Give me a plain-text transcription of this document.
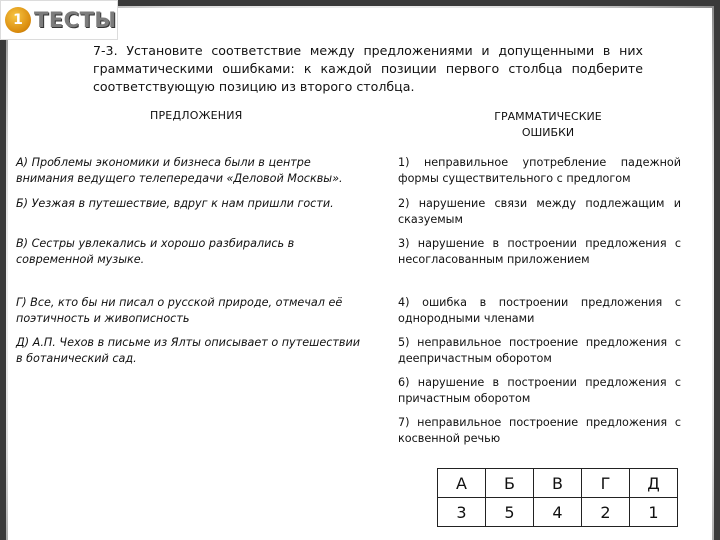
1 ТЕСТЫ
7-3. Установите соответствие между предложениями и допущенными в них грамматическими ошибками: к каждой позиции первого столбца подберите соответствующую позицию из второго столбца.
ПРЕДЛОЖЕНИЯ	ГРАММАТИЧЕСКИЕ
ОШИБКИ
А) Проблемы экономики и бизнеса были в центре внимания ведущего телепередачи «Деловой Москвы».
Б) Уезжая в путешествие, вдруг к нам пришли гости.
В) Сестры увлекались и хорошо разбирались в современной музыке.
Г) Все, кто бы ни писал о русской природе, отмечал её поэтичность и живописность
Д) А.П. Чехов в письме из Ялты описывает о путешествии в ботанический сад.
1) неправильное употребление падежной формы существительного с предлогом
2) нарушение связи между подлежащим и сказуемым
3) нарушение в построении предложения с несогласованным приложением
4) ошибка в построении предложения с однородными членами
5) неправильное построение предложения с деепричастным оборотом
6) нарушение в построении предложения с причастным оборотом
7) неправильное построение предложения с косвенной речью
А	Б	В	Г	Д
3	5	4	2	1
